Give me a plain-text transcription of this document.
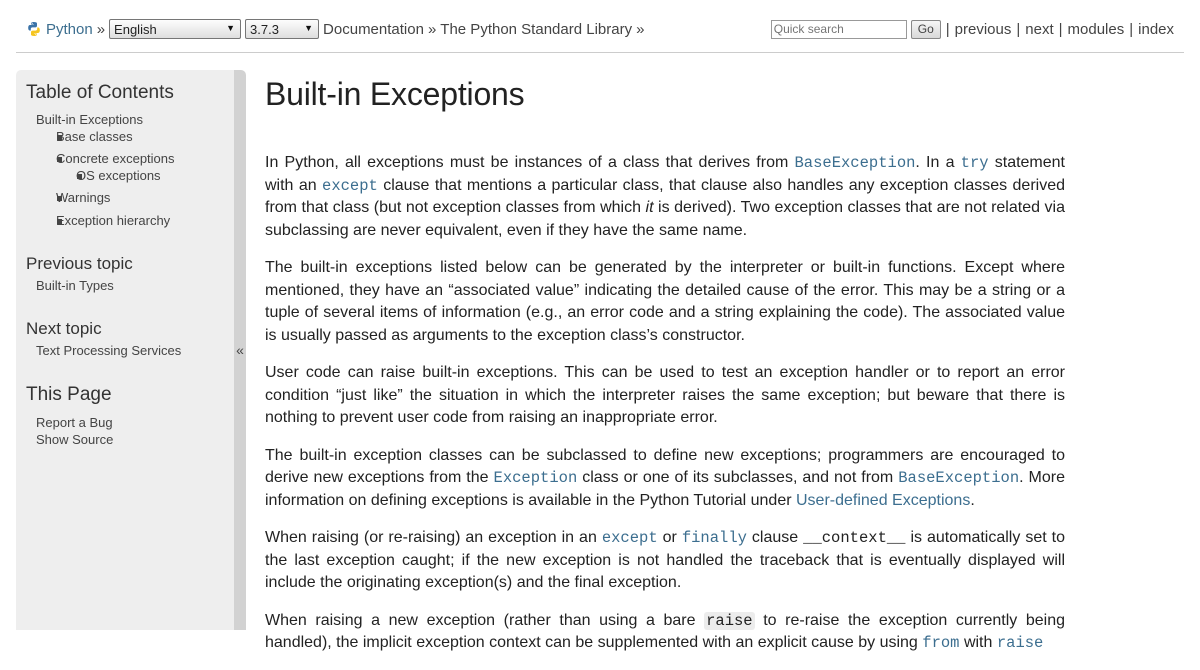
Python » English	▼ 3.7.3	▼ Documentation » The Python Standard Library »
Quick search	Go | previous | next | modules | index
Table of Contents
Built-in Exceptions
Base classes
Concrete exceptions
OS exceptions
Warnings
Exception hierarchy
Previous topic
Built-in Types
Next topic
Text Processing Services
This Page
Report a Bug
Show Source
«
Built-in Exceptions

In Python, all exceptions must be instances of a class that derives from BaseException. In a try statement with an except clause that mentions a particular class, that clause also handles any exception classes derived from that class (but not exception classes from which it is derived). Two exception classes that are not related via subclassing are never equivalent, even if they have the same name.

The built-in exceptions listed below can be generated by the interpreter or built-in functions. Except where mentioned, they have an “associated value” indicating the detailed cause of the error. This may be a string or a tuple of several items of information (e.g., an error code and a string explaining the code). The associated value is usually passed as arguments to the exception class’s constructor.

User code can raise built-in exceptions. This can be used to test an exception handler or to report an error condition “just like” the situation in which the interpreter raises the same exception; but beware that there is nothing to prevent user code from raising an inappropriate error.

The built-in exception classes can be subclassed to define new exceptions; programmers are encouraged to derive new exceptions from the Exception class or one of its subclasses, and not from BaseException. More information on defining exceptions is available in the Python Tutorial under User-defined Exceptions.

When raising (or re-raising) an exception in an except or finally clause __context__ is automatically set to the last exception caught; if the new exception is not handled the traceback that is eventually displayed will include the originating exception(s) and the final exception.

When raising a new exception (rather than using a bare raise to re-raise the exception currently being handled), the implicit exception context can be supplemented with an explicit cause by using from with raise
